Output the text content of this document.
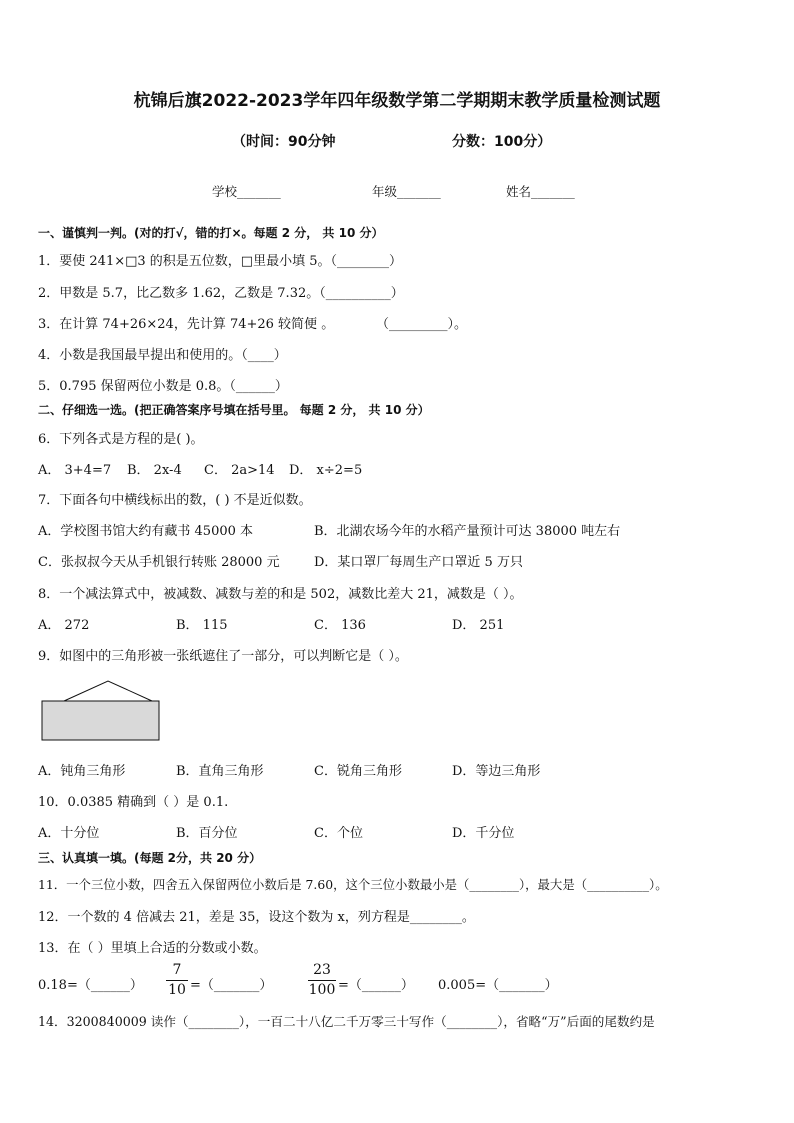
杭锦后旗2022-2023学年四年级数学第二学期期末教学质量检测试题
（时间：90分钟	分数：100分）
学校_______	年级_______	姓名_______
一、谨慎判一判。(对的打√，错的打×。每题 2 分， 共 10 分）
1．要使 241×□3 的积是五位数，□里最小填 5。（________）
2．甲数是 5.7，比乙数多 1.62，乙数是 7.32。（__________）
3．在计算 74+26×24，先计算 74+26 较简便 。	（_________）。
4．小数是我国最早提出和使用的。（____）
5．0.795 保留两位小数是 0.8。（______）
二、仔细选一选。(把正确答案序号填在括号里。 每题 2 分， 共 10 分）
6．下列各式是方程的是( )。
A． 3+4=7 B． 2x-4 C． 2a>14 D． x÷2=5
7．下面各句中横线标出的数，( ) 不是近似数。
A．学校图书馆大约有藏书 45000 本	B．北湖农场今年的水稻产量预计可达 38000 吨左右
C．张叔叔今天从手机银行转账 28000 元	D．某口罩厂每周生产口罩近 5 万只
8．一个减法算式中，被减数、减数与差的和是 502，减数比差大 21，减数是（ ）。
A． 272	B． 115	C． 136	D． 251
9．如图中的三角形被一张纸遮住了一部分，可以判断它是（ ）。
A．钝角三角形	B．直角三角形	C．锐角三角形	D．等边三角形
10．0.0385 精确到（ ）是 0.1.
A．十分位	B．百分位	C．个位	D．千分位
三、认真填一填。(每题 2分，共 20 分）
11．一个三位小数，四舍五入保留两位小数后是 7.60，这个三位小数最小是（________），最大是（__________）。
12．一个数的 4 倍减去 21，差是 35，设这个数为 x，列方程是________。
13．在（ ）里填上合适的分数或小数。
0.18=（______）
7
10 =（_______）
23
100 =（______） 0.005=（_______）
14．3200840009 读作（________），一百二十八亿二千万零三十写作（________），省略“万”后面的尾数约是
